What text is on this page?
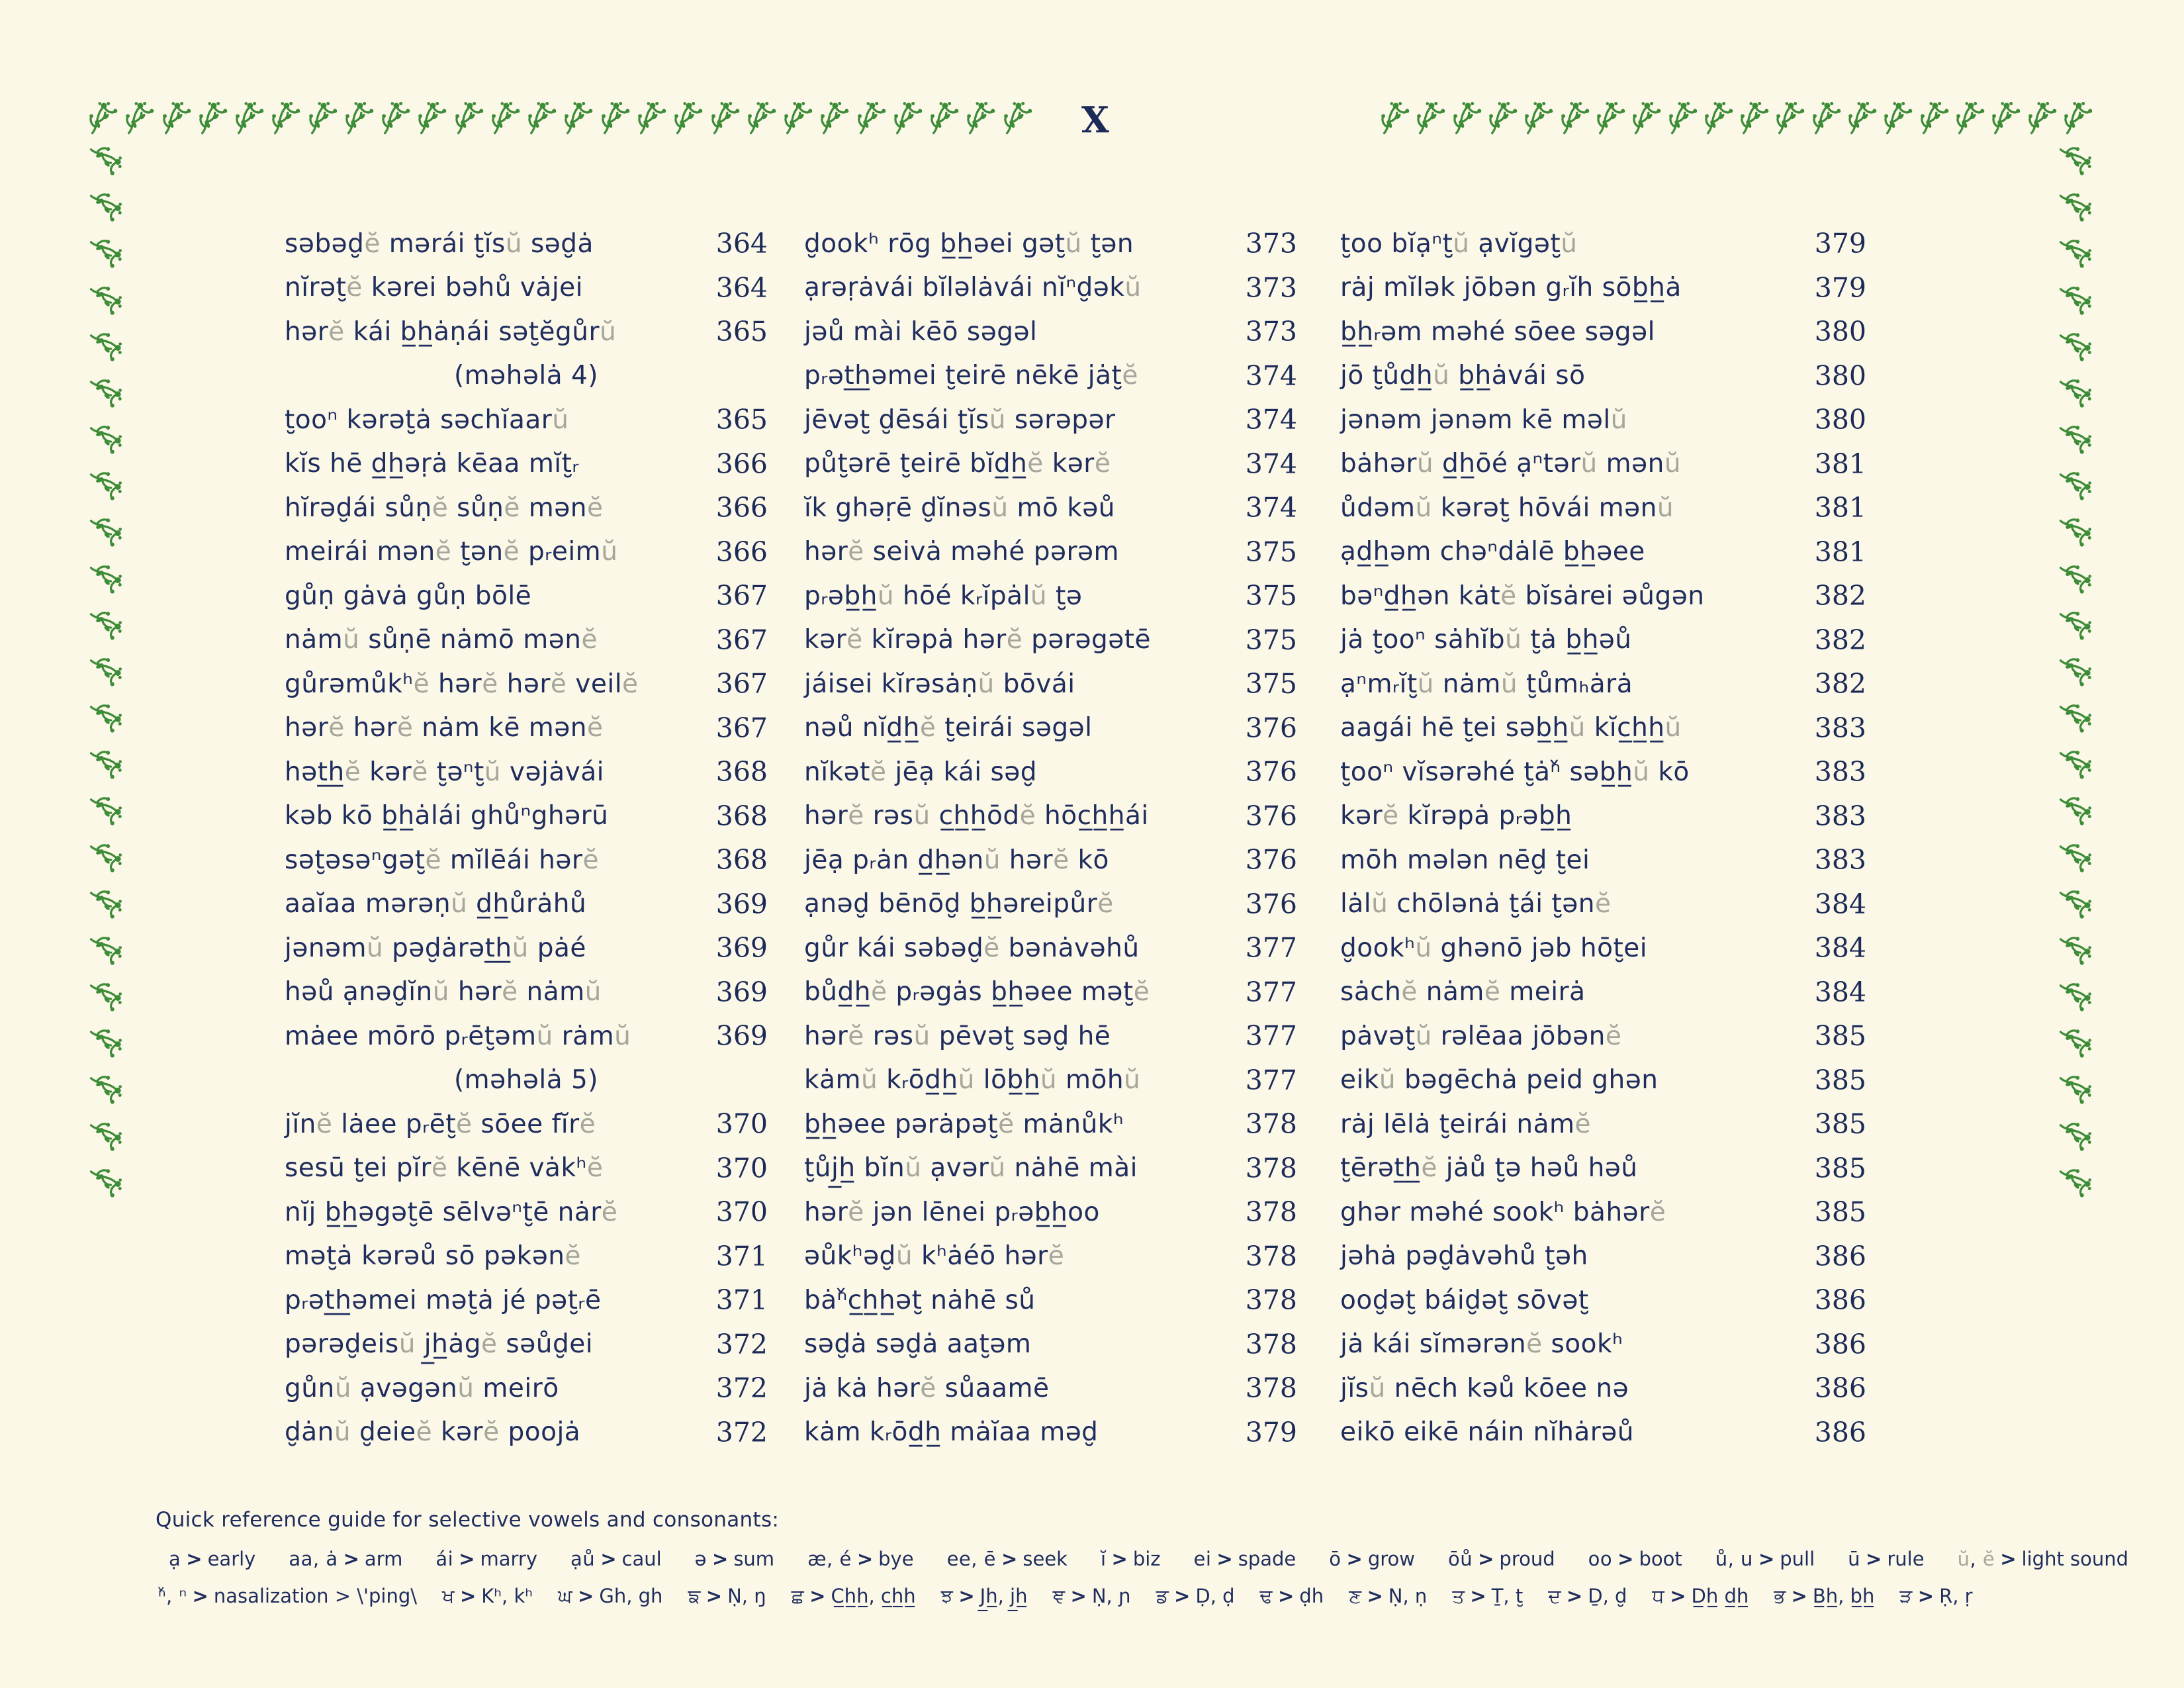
X
səbəd̮ĕ mərái t̮ĭsŭ səd̮ȧ	364
nĭrət̮ĕ kərei bəhů vȧjei	364
hərĕ kái b̲h̲ȧṇái sət̮ĕgůrŭ	365
(məhəlȧ 4)
t̮ooⁿ kərət̮ȧ səchĭaarŭ	365
kĭs hē d̲h̲əṛȧ kēaa mĭt̮ᵣ	366
hĭrəd̮ái sůṇĕ sůṇĕ mənĕ	366
meirái mənĕ t̮ənĕ pᵣeimŭ	366
gůṇ gȧvȧ gůṇ bōlē	367
nȧmŭ sůṇē nȧmō mənĕ	367
gůrəmůkʰĕ hərĕ hərĕ veilĕ	367
hərĕ hərĕ nȧm kē mənĕ	367
hət̲h̲ĕ kərĕ t̮əⁿt̮ŭ vəjȧvái	368
kəb kō b̲h̲ȧlái ghůⁿghərū	368
sət̮əsəⁿgət̮ĕ mĭlēái hərĕ	368
aaĭaa mərəṇŭ d̲h̲ůrȧhů	369
jənəmŭ pəd̮ȧrət̲h̲ŭ pȧé	369
həů ạnəd̮ĭnŭ hərĕ nȧmŭ	369
mȧee mōrō pᵣēt̮əmŭ rȧmŭ	369
(məhəlȧ 5)
jĭnĕ lȧee pᵣēt̮ĕ sōee fĭrĕ	370
sesū t̮ei pĭrĕ kēnē vȧkʰĕ	370
nĭj b̲h̲əgət̮ē sēlvəⁿt̮ē nȧrĕ	370
mət̮ȧ kərəů sō pəkənĕ	371
pᵣət̲h̲əmei mət̮ȧ jé pət̮ᵣē	371
pərəd̮eisŭ j̲h̲ȧgĕ səůd̮ei	372
gůnŭ ạvəgənŭ meirō	372
d̮ȧnŭ d̮eieĕ kərĕ poojȧ	372
d̮ookʰ rōg b̲h̲əei gət̮ŭ t̮ən	373
ạrəṛȧvái bĭləlȧvái nĭⁿd̮əkŭ	373
jəů mài kēō səgəl	373
pᵣət̲h̲əmei t̮eirē nēkē jȧt̮ĕ	374
jēvət̮ d̮ēsái t̮ĭsŭ sərəpər	374
půt̮ərē t̮eirē bĭd̲h̲ĕ kərĕ	374
ĭk ghəṛē d̮ĭnəsŭ mō kəů	374
hərĕ seivȧ məhé pərəm	375
pᵣəb̲h̲ŭ hōé kᵣĭpȧlŭ t̮ə	375
kərĕ kĭrəpȧ hərĕ pərəgətē	375
jáisei kĭrəsȧṇŭ bōvái	375
nəů nĭd̲h̲ĕ t̮eirái səgəl	376
nĭkətĕ jēạ kái səd̮	376
hərĕ rəsŭ c̲h̲h̲ōdĕ hōc̲h̲h̲ái	376
jēạ pᵣȧn d̲h̲ənŭ hərĕ kō	376
ạnəd̮ bēnōd̮ b̲h̲əreipůrĕ	376
gůr kái səbəd̮ĕ bənȧvəhů	377
bůd̲h̲ĕ pᵣəgȧs b̲h̲əee mət̮ĕ	377
hərĕ rəsŭ pēvət̮ səd̮ hē	377
kȧmŭ kᵣōd̲h̲ŭ lōb̲h̲ŭ mōhŭ	377
b̲h̲əee pərȧpət̮ĕ mȧnůkʰ	378
t̮ůj̲h̲ bĭnŭ ạvərŭ nȧhē mài	378
hərĕ jən lēnei pᵣəb̲h̲oo	378
əůkʰəd̮ŭ kʰȧéō hərĕ	378
bȧⁿ̌c̲h̲h̲ət̮ nȧhē sů	378
səd̮ȧ səd̮ȧ aat̮əm	378
jȧ kȧ hərĕ sůaamē	378
kȧm kᵣōd̲h̲ mȧĭaa məd̮	379
t̮oo bĭạⁿt̮ŭ ạvĭgət̮ŭ	379
rȧj mĭlək jōbən gᵣĭh sōb̲h̲ȧ	379
b̲h̲ᵣəm məhé sōee səgəl	380
jō t̮ůd̲h̲ŭ b̲h̲ȧvái sō	380
jənəm jənəm kē məlŭ	380
bȧhərŭ d̲h̲ōé ạⁿtərŭ mənŭ	381
ůdəmŭ kərət̮ hōvái mənŭ	381
ạd̲h̲əm chəⁿdȧlē b̲h̲əee	381
bəⁿd̲h̲ən kȧtĕ bĭsȧrei əůgən	382
jȧ t̮ooⁿ sȧhĭbŭ t̮ȧ b̲h̲əů	382
ạⁿmᵣĭt̮ŭ nȧmŭ t̮ůmₕȧrȧ	382
aagái hē t̮ei səb̲h̲ŭ kĭc̲h̲h̲ŭ	383
t̮ooⁿ vĭsərəhé t̮ȧⁿ̌ səb̲h̲ŭ kō	383
kərĕ kĭrəpȧ pᵣəb̲h̲	383
mōh mələn nēd̮ t̮ei	383
lȧlŭ chōlənȧ t̮ái t̮ənĕ	384
d̮ookʰŭ ghənō jəb hōt̮ei	384
sȧchĕ nȧmĕ meirȧ	384
pȧvət̮ŭ rəlēaa jōbənĕ	385
eikŭ bəgēchȧ peid ghən	385
rȧj lēlȧ t̮eirái nȧmĕ	385
t̮ērət̲h̲ĕ jȧů t̮ə həů həů	385
ghər məhé sookʰ bȧhərĕ	385
jəhȧ pəd̮ȧvəhů t̮əh	386
ood̮ət̮ báid̮ət̮ sōvət̮	386
jȧ kái sĭmərənĕ sookʰ	386
jĭsŭ nēch kəů kōee nə	386
eikō eikē náin nĭhȧrəů	386
Quick reference guide for selective vowels and consonants:
ạ > early aa, ȧ > arm ái > marry ạů > caul ə > sum æ, é > bye ee, ē > seek ĭ > biz ei > spade ō > grow ōů > proud oo > boot ů, u > pull ū > rule ŭ, ĕ > light sound
ⁿ̌, ⁿ > nasalization > \'ping\ ਖ > Kʰ, kʰ ਘ > Gh, gh ਙ > Ṇ, ŋ ਛ > C̲h̲h̲, c̲h̲h̲ ਝ > J̲h̲, j̲h̲ ਞ > Ṇ, ɲ ਡ > Ḍ, ḍ ਢ > ḍh ਣ > Ṇ, ṇ ਤ > Ṯ, t̮ ਦ > Ḏ, d̮ ਧ > D̲h̲ d̲h̲ ਭ > B̲h̲, b̲h̲ ੜ > Ṛ, ṛ
